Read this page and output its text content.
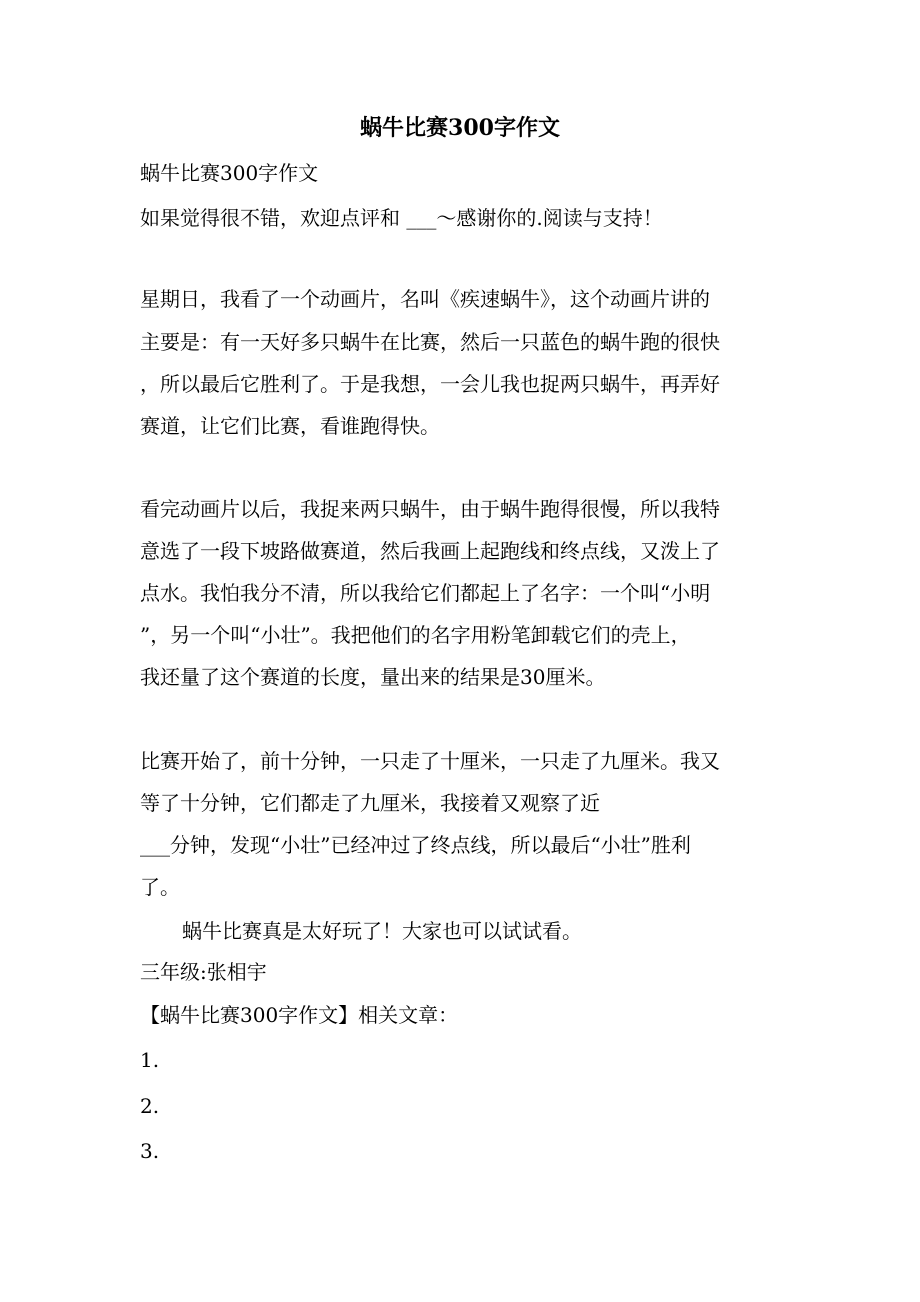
蜗牛比赛300字作文
蜗牛比赛300字作文
如果觉得很不错，欢迎点评和 ___～感谢你的.阅读与支持！
星期日，我看了一个动画片，名叫《疾速蜗牛》，这个动画片讲的
主要是：有一天好多只蜗牛在比赛，然后一只蓝色的蜗牛跑的很快
，所以最后它胜利了。于是我想，一会儿我也捉两只蜗牛，再弄好
赛道，让它们比赛，看谁跑得快。
看完动画片以后，我捉来两只蜗牛，由于蜗牛跑得很慢，所以我特
意选了一段下坡路做赛道，然后我画上起跑线和终点线，又泼上了
点水。我怕我分不清，所以我给它们都起上了名字：一个叫“小明
”，另一个叫“小壮”。我把他们的名字用粉笔卸载它们的壳上，
我还量了这个赛道的长度，量出来的结果是30厘米。
比赛开始了，前十分钟，一只走了十厘米，一只走了九厘米。我又
等了十分钟，它们都走了九厘米，我接着又观察了近
___分钟，发现“小壮”已经冲过了终点线，所以最后“小壮”胜利
了。
蜗牛比赛真是太好玩了！大家也可以试试看。
三年级:张相宇
【蜗牛比赛300字作文】相关文章：
1.
2.
3.
